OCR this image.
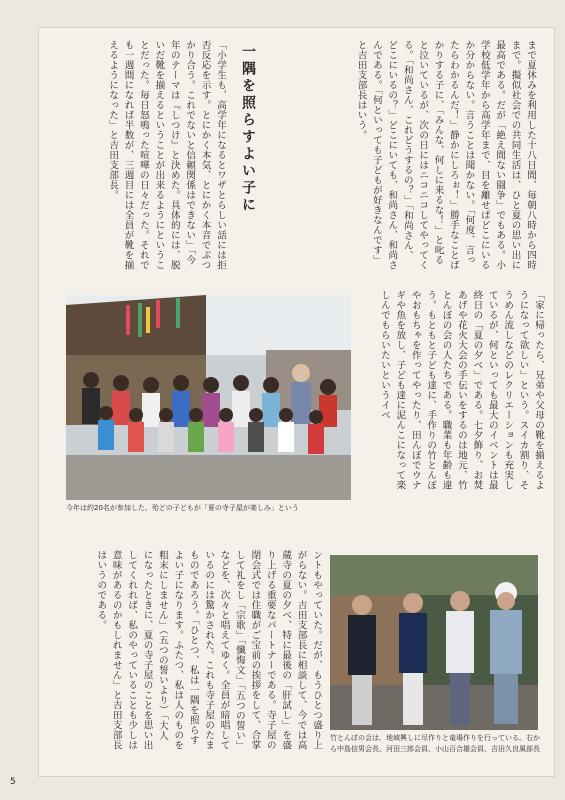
まで夏休みを利用した十八日間、毎朝八時から四時まで。擬似社会での共同生活は、ひと夏の思い出に最高である。だが「絶え間ない闘争」でもある。小学校低学年から高学年まで、目を離せばどこにいるか分からない。言うことは聞かない。「何度、言ったらわかるんだ！」静かにしろぉ！」勝手なことばかりする子に、「みんな、何しに来るな！」と叱ると泣いているが、次の日にはニコニコしてやってくる。「和尚さん、これどうするの？」「和尚さん、どこにいるの？」どこにいても、和尚さん、和尚さんである。「何といっても子どもが好きなんです」と吉田支部長はいう。
一隅を照らすよい子に
「小学生も、高学年になるとワザとらしい話には拒否反応を示す。とにかく本気、とにかく本音でぶつかり合う。これでないと信頼関係はできない」「今年のテーマは『しつけ』と決めた。具体的には、脱いだ靴を揃えるということが出来るようにということだった。毎日怒鳴った喧嘩の日々だった。それでも一週間になれば半数が、三週目には全員が靴を揃えるようになった」と吉田支部長。
「家に帰ったら、兄弟や父母の靴を揃えるようになって欲しい」という。スイカ割り、そうめん流しなどのレクリエーションも充実しているが、何といっても最大のイベントは最終日の「夏の夕べ」である。七夕飾り、お焚あげや花火大会の手伝いをするのは地元、竹とんぼの会の人たちである。職業も年齢も違う。もともと子ども達に、手作りの竹とんぼやおもちゃを作ってやったり、田んぼでウナギや魚を放し、子ども達に泥んこになって楽しんでもらいたいというイベ
今年は約20名が参加した。殆どの子どもが「夏の寺子屋が楽しみ」という
ントもやっていた。だが、もうひとつ盛り上がらない。吉田支部長に相談して、今では高蔵寺の夏の夕べ、特に最後の「肝試し」を盛り上げる重要なパートナーである。寺子屋の閉会式では住職がご宝前の挨拶をして、合掌して礼をし「宗歌」「懺悔文」「五つの誓い」などを、次々と唱えてゆく。全員が暗唱しているのには驚かされた。これも寺子屋のたまものであろう。「ひとつ、私は一隅を照らすよい子になります。ふたつ、私は人のものを粗末にしません」（五つの誓いより）「大人になったときに、夏の寺子屋のことを思い出してくれれば、私のやっていることも少しは意味があるのかもしれません」と吉田支部長はいうのである。
竹とんぼの会は、地域興しに尽作りと竜場作りを行っている。右から中島信男会長、河田三郎会員、小山百合雄会員、吉田久良風部長
5
